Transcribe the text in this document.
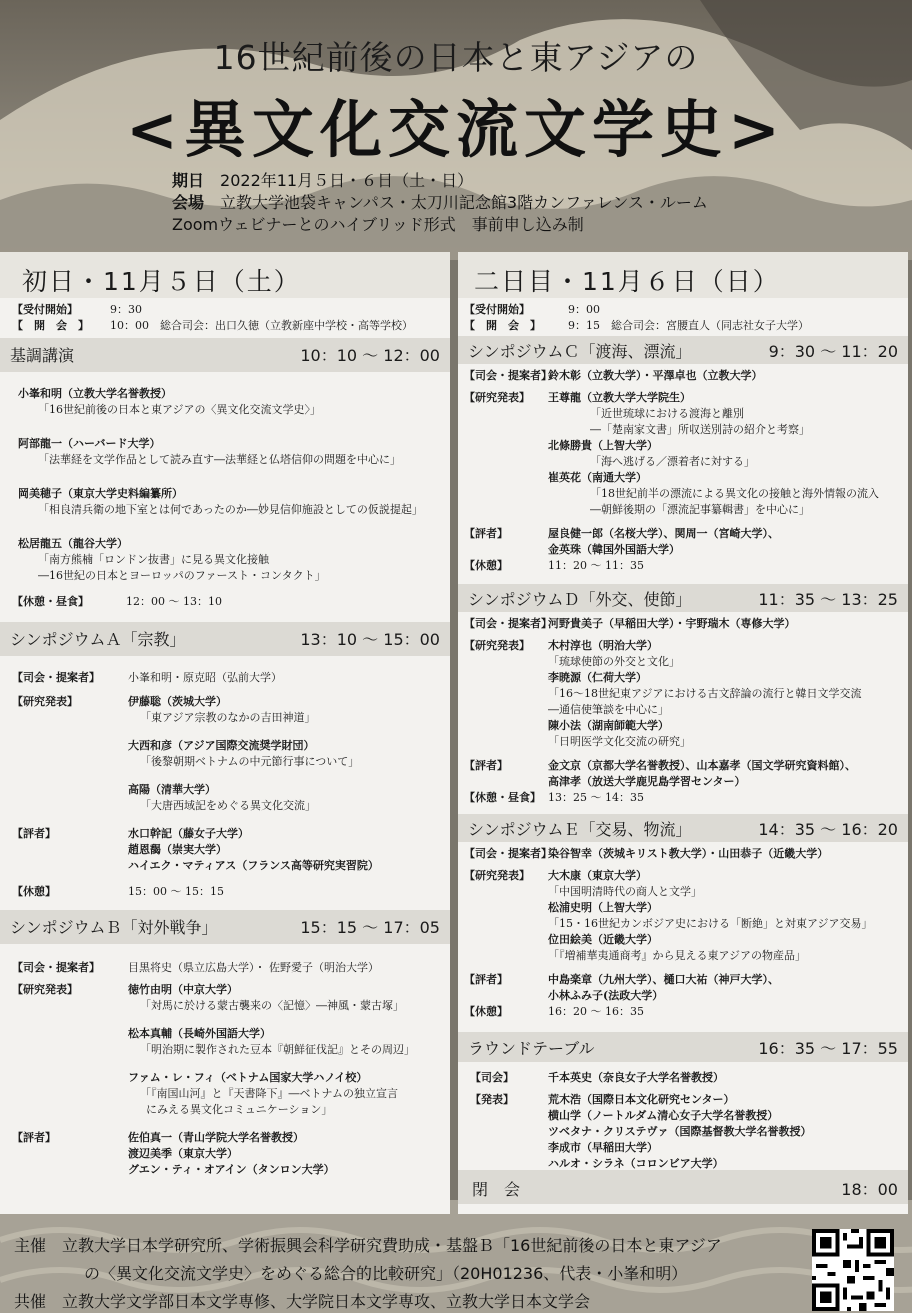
16世紀前後の日本と東アジアの
<異文化交流文学史>
期日　 2022年11月５日・６日（土・日）
会場　 立教大学池袋キャンパス・太刀川記念館3階カンファレンス・ルーム
Zoomウェビナーとのハイブリッド形式　事前申し込み制
初日・11月５日（土）
【受付開始】	9：30
【　開　会　】 10：00　総合司会：出口久徳（立教新座中学校・高等学校）
基調講演	10：10 〜 12：00
小峯和明（立教大学名誉教授）
「16世紀前後の日本と東アジアの〈異文化交流文学史〉」
阿部龍一（ハーバード大学）
「法華経を文学作品として読み直す―法華経と仏塔信仰の問題を中心に」
岡美穂子（東京大学史料編纂所）
「相良清兵衛の地下室とは何であったのか―妙見信仰施設としての仮説提起」
松居龍五（龍谷大学）
「南方熊楠「ロンドン抜書」に見る異文化接触
―16世紀の日本とヨーロッパのファースト・コンタクト」
【休憩・昼食】	12：00 〜 13：10
シンポジウムＡ「宗教」	13：10 〜 15：00
【司会・提案者】	小峯和明・原克昭（弘前大学）
【研究発表】	伊藤聡（茨城大学）
「東アジア宗教のなかの吉田神道」
大西和彦（アジア国際交流奨学財団）
「後黎朝期ベトナムの中元節行事について」
高陽（清華大学）
「大唐西域記をめぐる異文化交流」
【評者】	水口幹記（藤女子大学）
趙恩馤（崇実大学）
ハイエク・マティアス（フランス高等研究実習院）
【休憩】	15：00 〜 15：15
シンポジウムＢ「対外戦争」	15：15 〜 17：05
【司会・提案者】	目黒将史（県立広島大学）・ 佐野愛子（明治大学）
【研究発表】	徳竹由明（中京大学）
「対馬に於ける蒙古襲来の〈記憶〉―神風・蒙古塚」
松本真輔（長崎外国語大学）
「明治期に製作された豆本『朝鮮征伐記』とその周辺」
ファム・レ・フィ（ベトナム国家大学ハノイ校）
「『南国山河』と『天書降下』―ベトナムの独立宣言
にみえる異文化コミュニケーション」
【評者】	佐伯真一（青山学院大学名誉教授）
渡辺美季（東京大学）
グエン・ティ・オアイン（タンロン大学）
二日目・11月６日（日）
【受付開始】	9：00
【　開　会　】 9：15　総合司会：宮腰直人（同志社女子大学）
シンポジウムＣ「渡海、漂流」	9：30 〜 11：20
【司会・提案者】
鈴木彰（立教大学）・平澤卓也（立教大学）
【研究発表】 王尊龍（立教大学大学院生）
「近世琉球における渡海と離別
―「楚南家文書」所収送別詩の紹介と考察」
北條勝貴（上智大学）
「海へ逃げる／漂着者に対する」
崔英花（南通大学）
「18世紀前半の漂流による異文化の接触と海外情報の流入
―朝鮮後期の「漂流記事纂輯書」を中心に」
【評者】	屋良健一郎（名桜大学）、関周一（宮崎大学）、
金英珠（韓国外国語大学）
【休憩】	11：20 〜 11：35
シンポジウムＤ「外交、使節」	11：35 〜 13：25
【司会・提案者】
河野貴美子（早稲田大学）・宇野瑞木（専修大学）
【研究発表】 木村淳也（明治大学）
「琉球使節の外交と文化」
李暁源（仁荷大学）
「16〜18世紀東アジアにおける古文辞論の流行と韓日文学交流
―通信使筆談を中心に」
陳小法（湖南師範大学）
「日明医学文化交流の研究」
【評者】	金文京（京都大学名誉教授）、山本嘉孝（国文学研究資料館）、
高津孝（放送大学鹿児島学習センター）
【休憩・昼食】 13：25 〜 14：35
シンポジウムＥ「交易、物流」	14：35 〜 16：20
【司会・提案者】
染谷智幸（茨城キリスト教大学）・山田恭子（近畿大学）
【研究発表】 大木康（東京大学）
「中国明清時代の商人と文学」
松浦史明（上智大学）
「15・16世紀カンボジア史における「断絶」と対東アジア交易」
位田絵美（近畿大学）
「『増補華夷通商考』から見える東アジアの物産品」
【評者】	中島楽章（九州大学）、樋口大祐（神戸大学）、
小林ふみ子(法政大学）
【休憩】	16：20 〜 16：35
ラウンドテーブル	16：35 〜 17：55
【司会】	千本英史（奈良女子大学名誉教授）
【発表】	荒木浩（国際日本文化研究センター）
横山学（ノートルダム清心女子大学名誉教授）
ツベタナ・クリステヴァ（国際基督教大学名誉教授）
李成市（早稲田大学）
ハルオ・シラネ（コロンビア大学）
閉　会	18：00
主催　立教大学日本学研究所、学術振興会科学研究費助成・基盤Ｂ「16世紀前後の日本と東アジア
の〈異文化交流文学史〉をめぐる総合的比較研究」（20H01236、代表・小峯和明）
共催　立教大学文学部日本文学専修、大学院日本文学専攻、立教大学日本文学会
